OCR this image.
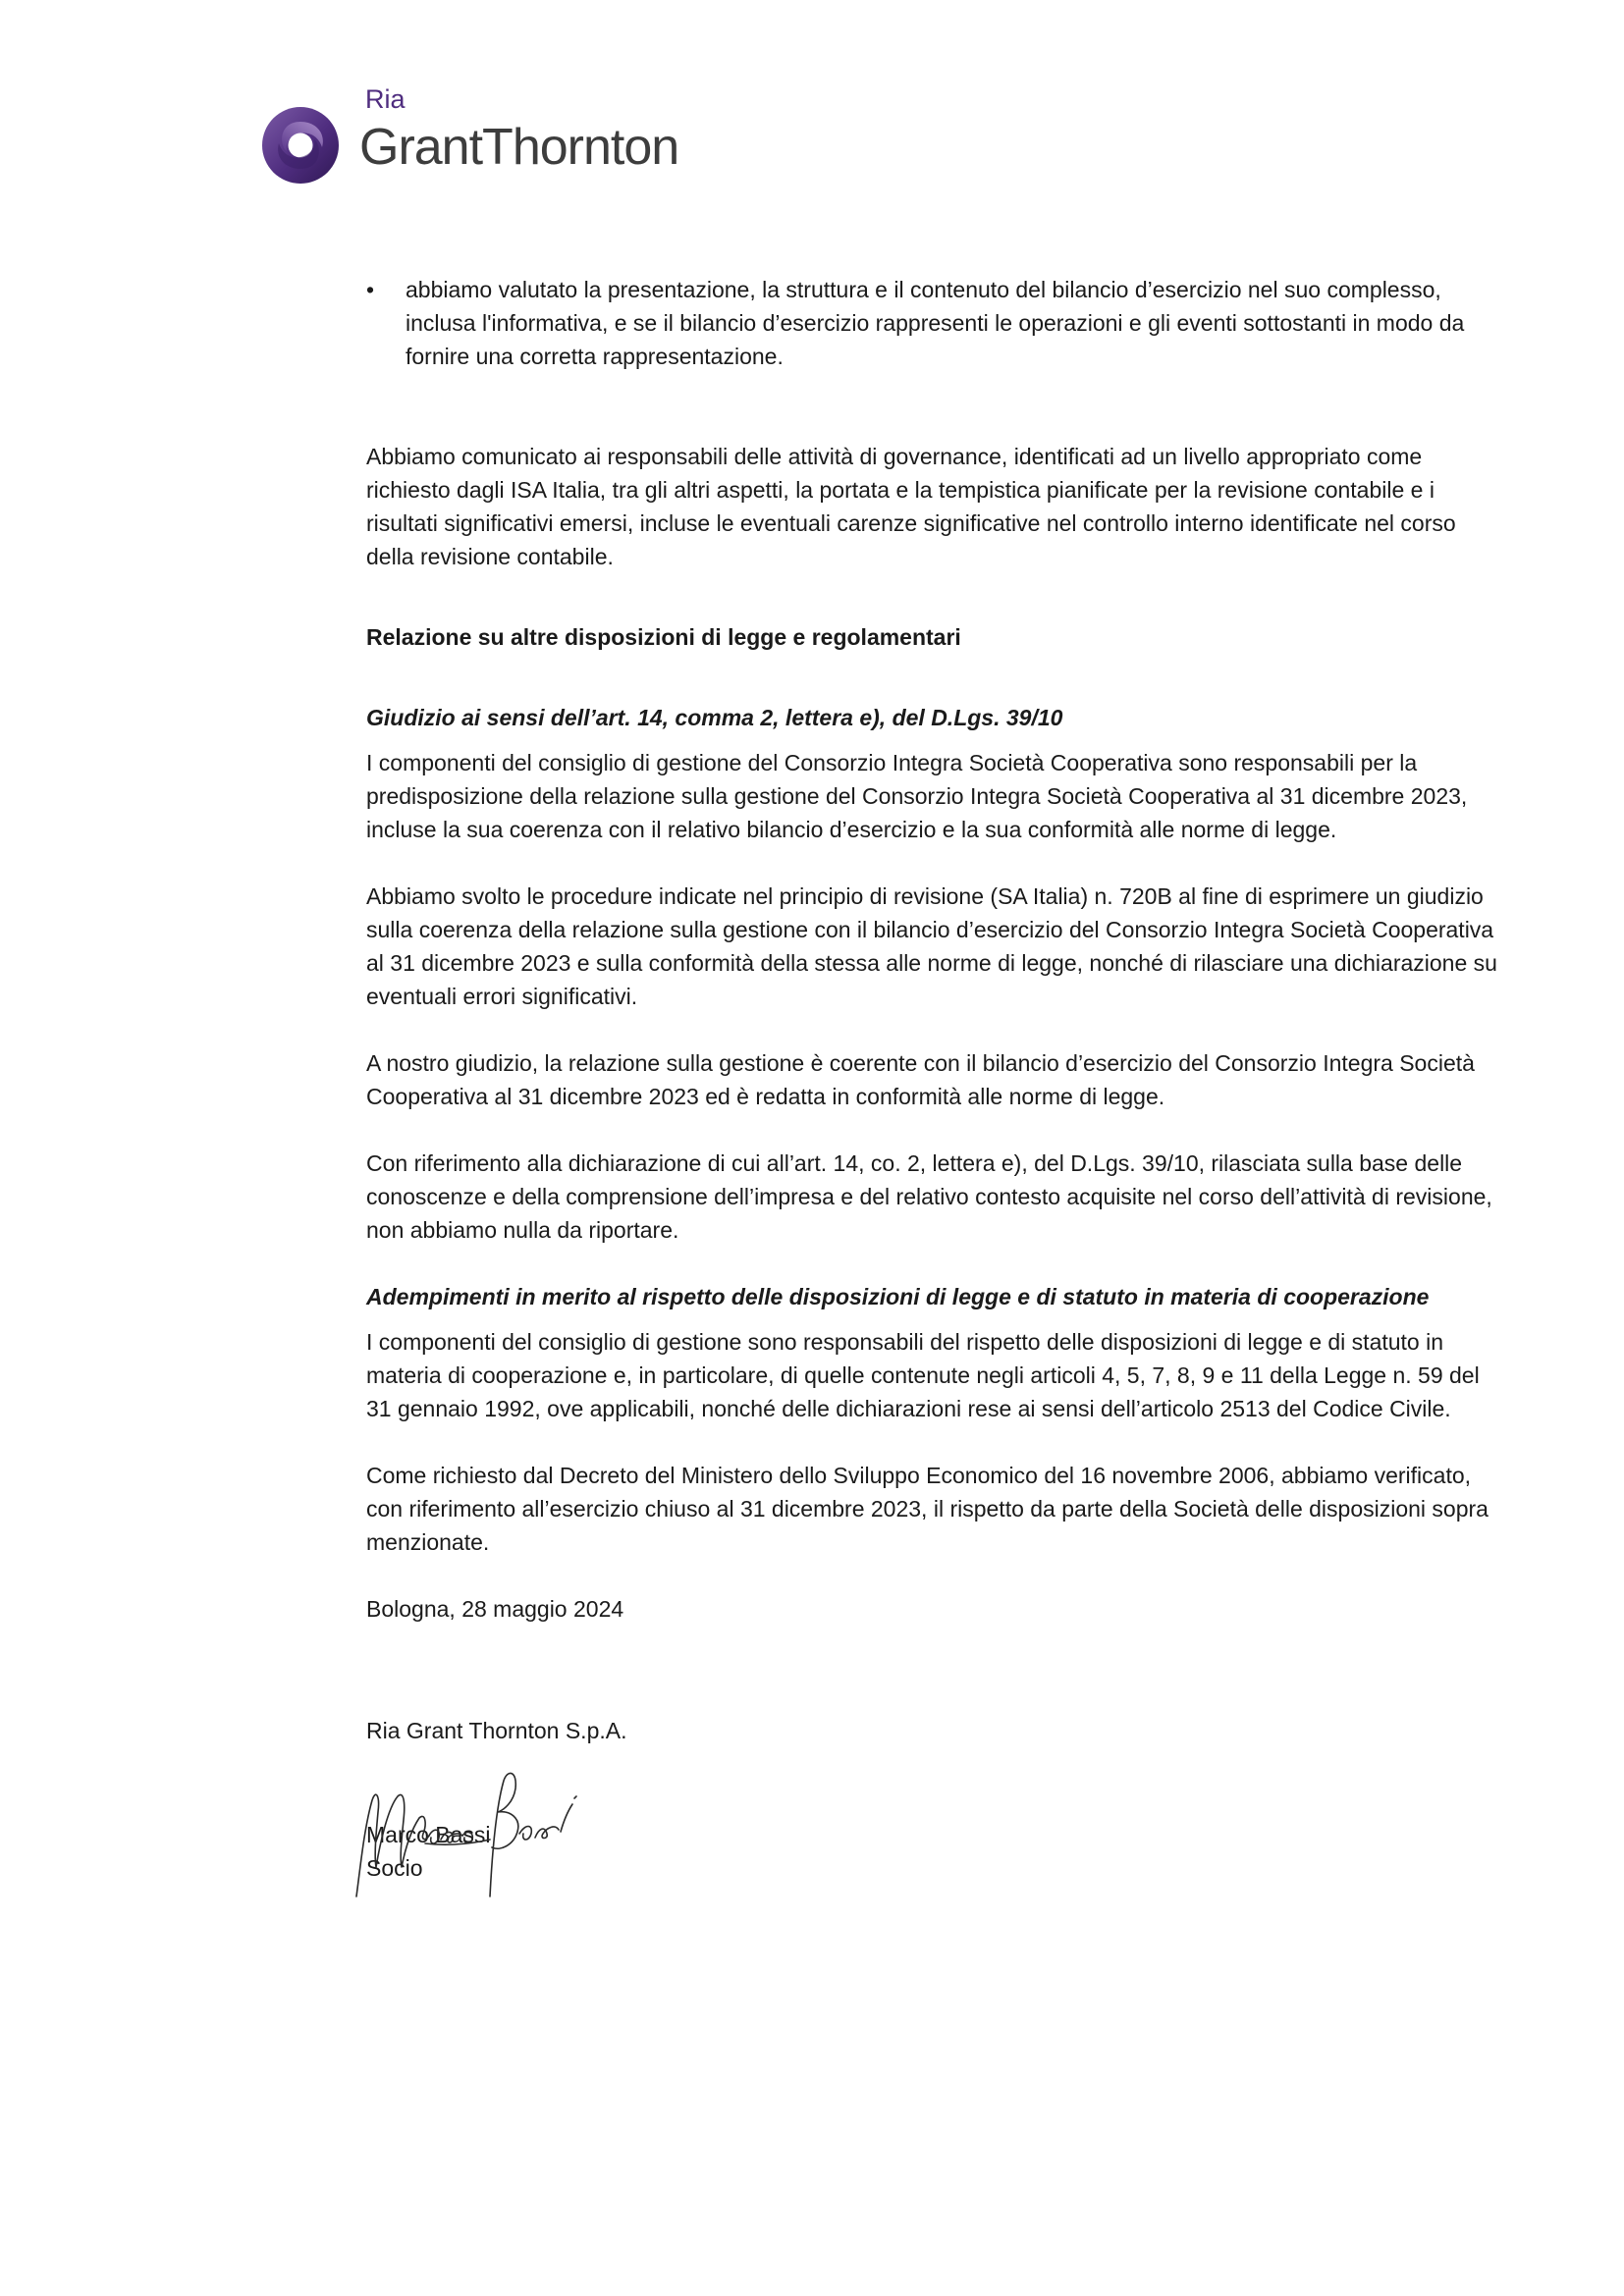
Ria
GrantThornton
• abbiamo valutato la presentazione, la struttura e il contenuto del bilancio d’esercizio nel suo complesso, inclusa l'informativa, e se il bilancio d’esercizio rappresenti le operazioni e gli eventi sottostanti in modo da fornire una corretta rappresentazione.

Abbiamo comunicato ai responsabili delle attività di governance, identificati ad un livello appropriato come richiesto dagli ISA Italia, tra gli altri aspetti, la portata e la tempistica pianificate per la revisione contabile e i risultati significativi emersi, incluse le eventuali carenze significative nel controllo interno identificate nel corso della revisione contabile.

Relazione su altre disposizioni di legge e regolamentari

Giudizio ai sensi dell’art. 14, comma 2, lettera e), del D.Lgs. 39/10

I componenti del consiglio di gestione del Consorzio Integra Società Cooperativa sono responsabili per la predisposizione della relazione sulla gestione del Consorzio Integra Società Cooperativa al 31 dicembre 2023, incluse la sua coerenza con il relativo bilancio d’esercizio e la sua conformità alle norme di legge.

Abbiamo svolto le procedure indicate nel principio di revisione (SA Italia) n. 720B al fine di esprimere un giudizio sulla coerenza della relazione sulla gestione con il bilancio d’esercizio del Consorzio Integra Società Cooperativa al 31 dicembre 2023 e sulla conformità della stessa alle norme di legge, nonché di rilasciare una dichiarazione su eventuali errori significativi.

A nostro giudizio, la relazione sulla gestione è coerente con il bilancio d’esercizio del Consorzio Integra Società Cooperativa al 31 dicembre 2023 ed è redatta in conformità alle norme di legge.

Con riferimento alla dichiarazione di cui all’art. 14, co. 2, lettera e), del D.Lgs. 39/10, rilasciata sulla base delle conoscenze e della comprensione dell’impresa e del relativo contesto acquisite nel corso dell’attività di revisione, non abbiamo nulla da riportare.

Adempimenti in merito al rispetto delle disposizioni di legge e di statuto in materia di cooperazione

I componenti del consiglio di gestione sono responsabili del rispetto delle disposizioni di legge e di statuto in materia di cooperazione e, in particolare, di quelle contenute negli articoli 4, 5, 7, 8, 9 e 11 della Legge n. 59 del 31 gennaio 1992, ove applicabili, nonché delle dichiarazioni rese ai sensi dell’articolo 2513 del Codice Civile.

Come richiesto dal Decreto del Ministero dello Sviluppo Economico del 16 novembre 2006, abbiamo verificato, con riferimento all’esercizio chiuso al 31 dicembre 2023, il rispetto da parte della Società delle disposizioni sopra menzionate.

Bologna, 28 maggio 2024

Ria Grant Thornton S.p.A.

Marco Bassi

Socio
